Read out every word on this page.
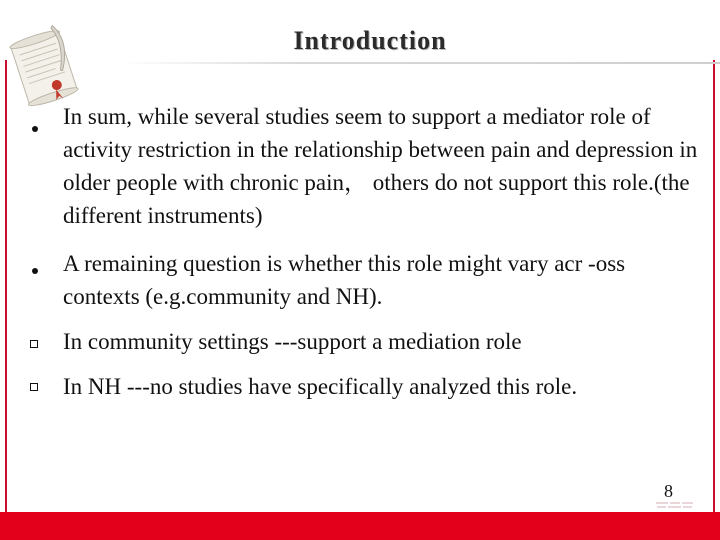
Introduction
In sum, while several studies seem to support a mediator role of activity restriction in the relationship between pain and depression in older people with chronic pain， others do not support this role.(the different instruments)
A remaining question is whether this role might vary acr -oss contexts (e.g.community and NH).
In community settings ---support a mediation role
In NH ---no studies have specifically analyzed this role.
8
